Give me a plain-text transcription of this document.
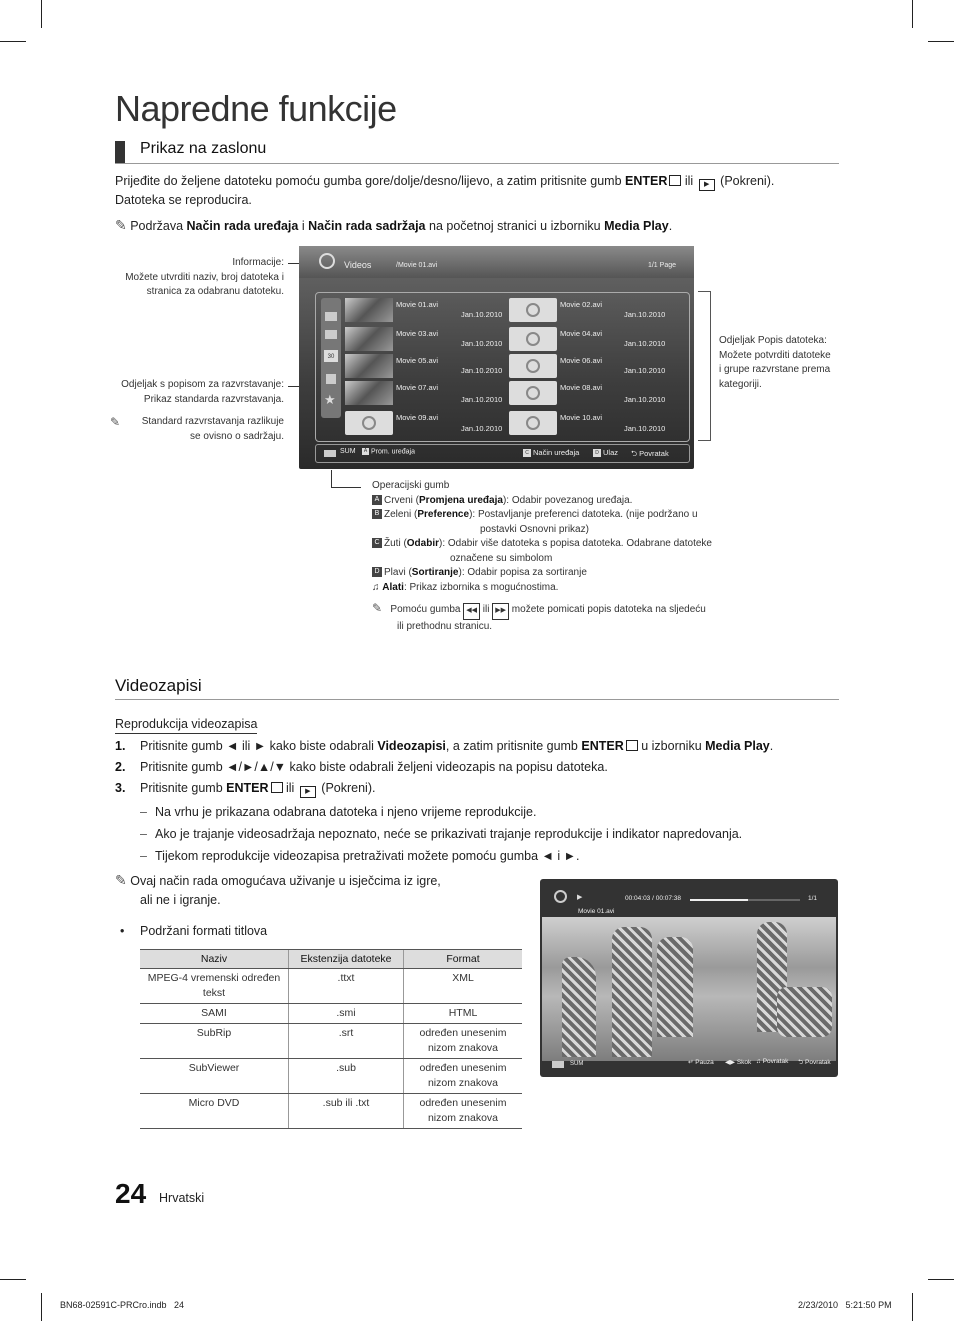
Napredne funkcije
Prikaz na zaslonu
Prijeđite do željene datoteku pomoću gumba gore/dolje/desno/lijevo, a zatim pritisnite gumb ENTER ili ▶ (Pokreni).
Datoteka se reproducira.
✎ Podržava Način rada uređaja i Način rada sadržaja na početnoj stranici u izborniku Media Play.
Informacije:
Možete utvrditi naziv, broj datoteka i
stranica za odabranu datoteku.
Odjeljak s popisom za razvrstavanje:
Prikaz standarda razvrstavanja.
✎ Standard razvrstavanja razlikuje
se ovisno o sadržaju.
Odjeljak Popis datoteka:
Možete potvrditi datoteke
i grupe razvrstane prema
kategoriji.
Videos	/Movie 01.avi	1/1 Page
30
★
Movie 01.avi
Jan.10.2010
Movie 03.avi
Jan.10.2010
Movie 05.avi
Jan.10.2010
Movie 07.avi
Jan.10.2010
Movie 09.avi
Jan.10.2010
Movie 02.avi
Jan.10.2010
Movie 04.avi
Jan.10.2010
Movie 06.avi
Jan.10.2010
Movie 08.avi
Jan.10.2010
Movie 10.avi
Jan.10.2010
SUM	A Prom. uređaja	C Način uređaja	D Ulaz ⮌ Povratak
Operacijski gumb
A Crveni (Promjena uređaja): Odabir povezanog uređaja.
B Zeleni (Preference): Postavljanje preferenci datoteka. (nije podržano u
postavki Osnovni prikaz)
C Žuti (Odabir): Odabir više datoteka s popisa datoteka. Odabrane datoteke
označene su simbolom
D Plavi (Sortiranje): Odabir popisa za sortiranje
♫ Alati: Prikaz izbornika s mogućnostima.
✎ Pomoću gumba ◀◀ ili ▶▶ možete pomicati popis datoteka na sljedeću
ili prethodnu stranicu.
Videozapisi
Reprodukcija videozapisa
1. Pritisnite gumb ◄ ili ► kako biste odabrali Videozapisi, a zatim pritisnite gumb ENTER u izborniku Media Play.
2. Pritisnite gumb ◄/►/▲/▼ kako biste odabrali željeni videozapis na popisu datoteka.
3. Pritisnite gumb ENTER ili ▶ (Pokreni).
– Na vrhu je prikazana odabrana datoteka i njeno vrijeme reprodukcije.
– Ako je trajanje videosadržaja nepoznato, neće se prikazivati trajanje reprodukcije i indikator napredovanja.
– Tijekom reprodukcije videozapisa pretraživati možete pomoću gumba ◄ i ►.
✎ Ovaj način rada omogućava uživanje u isječcima iz igre,
ali ne i igranje.
• Podržani formati titlova
Naziv	Ekstenzija datoteke	Format
MPEG-4 vremenski određen tekst	.ttxt	XML
SAMI	.smi	HTML
SubRip	.srt	određen unesenim nizom znakova
SubViewer	.sub	određen unesenim nizom znakova
Micro DVD	.sub ili .txt	određen unesenim nizom znakova
▶	00:04:03 / 00:07:38	1/1
Movie 01.avi
SUM	↵ Pauza ◀▶ Skok ♫ Povratak ⮌ Povratak
24 Hrvatski
BN68-02591C-PRCro.indb   24	2/23/2010   5:21:50 PM
